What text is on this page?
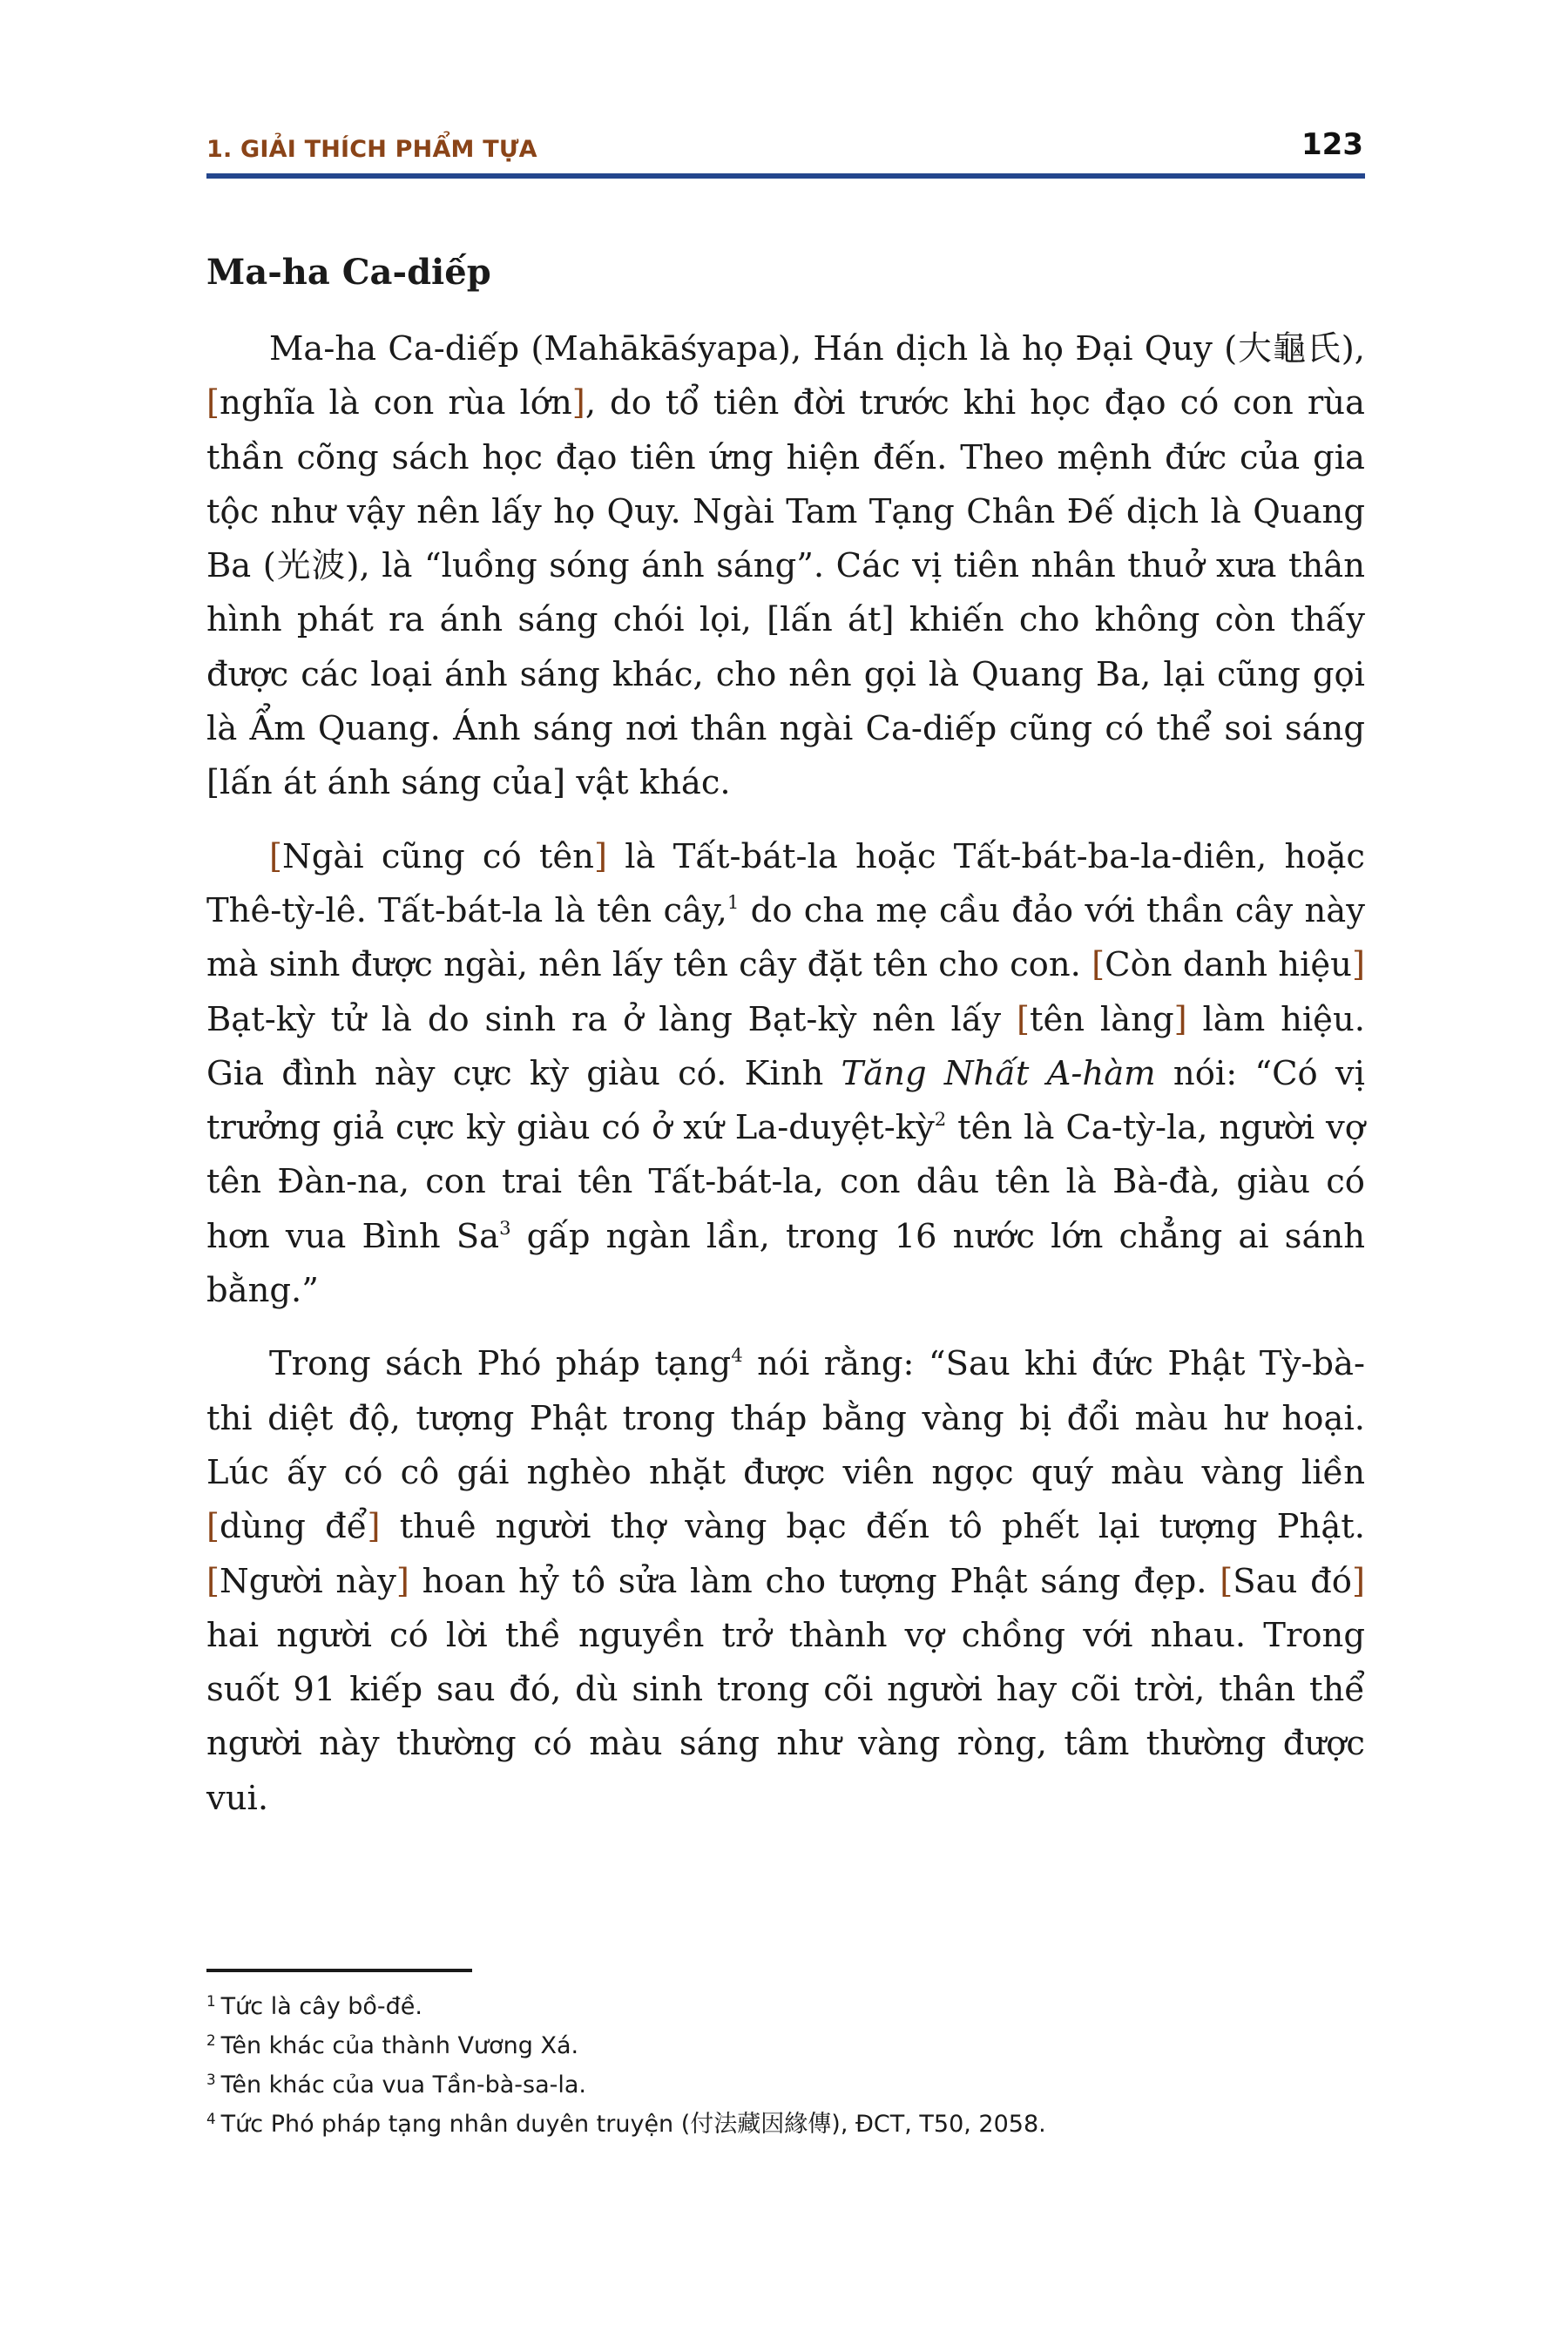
1. GIẢI THÍCH PHẨM TỰA	123
Ma-ha Ca-diếp

Ma-ha Ca-diếp (Mahākāśyapa), Hán dịch là họ Đại Quy (大龜氏), [nghĩa là con rùa lớn], do tổ tiên đời trước khi học đạo có con rùa thần cõng sách học đạo tiên ứng hiện đến. Theo mệnh đức của gia tộc như vậy nên lấy họ Quy. Ngài Tam Tạng Chân Đế dịch là Quang Ba (光波), là “luồng sóng ánh sáng”. Các vị tiên nhân thuở xưa thân hình phát ra ánh sáng chói lọi, [lấn át] khiến cho không còn thấy được các loại ánh sáng khác, cho nên gọi là Quang Ba, lại cũng gọi là Ẩm Quang. Ánh sáng nơi thân ngài Ca-diếp cũng có thể soi sáng [lấn át ánh sáng của] vật khác.

[Ngài cũng có tên] là Tất-bát-la hoặc Tất-bát-ba-la-diên, hoặc Thê-tỳ-lê. Tất-bát-la là tên cây,$^1$ do cha mẹ cầu đảo với thần cây này mà sinh được ngài, nên lấy tên cây đặt tên cho con. [Còn danh hiệu] Bạt-kỳ tử là do sinh ra ở làng Bạt-kỳ nên lấy [tên làng] làm hiệu. Gia đình này cực kỳ giàu có. Kinh Tăng Nhất A-hàm nói: “Có vị trưởng giả cực kỳ giàu có ở xứ La-duyệt-kỳ$^2$ tên là Ca-tỳ-la, người vợ tên Đàn-na, con trai tên Tất-bát-la, con dâu tên là Bà-đà, giàu có hơn vua Bình Sa$^3$ gấp ngàn lần, trong 16 nước lớn chẳng ai sánh bằng.”

Trong sách Phó pháp tạng$^4$ nói rằng: “Sau khi đức Phật Tỳ-bà-thi diệt độ, tượng Phật trong tháp bằng vàng bị đổi màu hư hoại. Lúc ấy có cô gái nghèo nhặt được viên ngọc quý màu vàng liền [dùng để] thuê người thợ vàng bạc đến tô phết lại tượng Phật. [Người này] hoan hỷ tô sửa làm cho tượng Phật sáng đẹp. [Sau đó] hai người có lời thề nguyền trở thành vợ chồng với nhau. Trong suốt 91 kiếp sau đó, dù sinh trong cõi người hay cõi trời, thân thể người này thường có màu sáng như vàng ròng, tâm thường được vui.

$^1$ Tức là cây bồ-đề.
$^2$ Tên khác của thành Vương Xá.
$^3$ Tên khác của vua Tần-bà-sa-la.
$^4$ Tức Phó pháp tạng nhân duyên truyện (付法藏因緣傳), ĐCT, T50, 2058.
